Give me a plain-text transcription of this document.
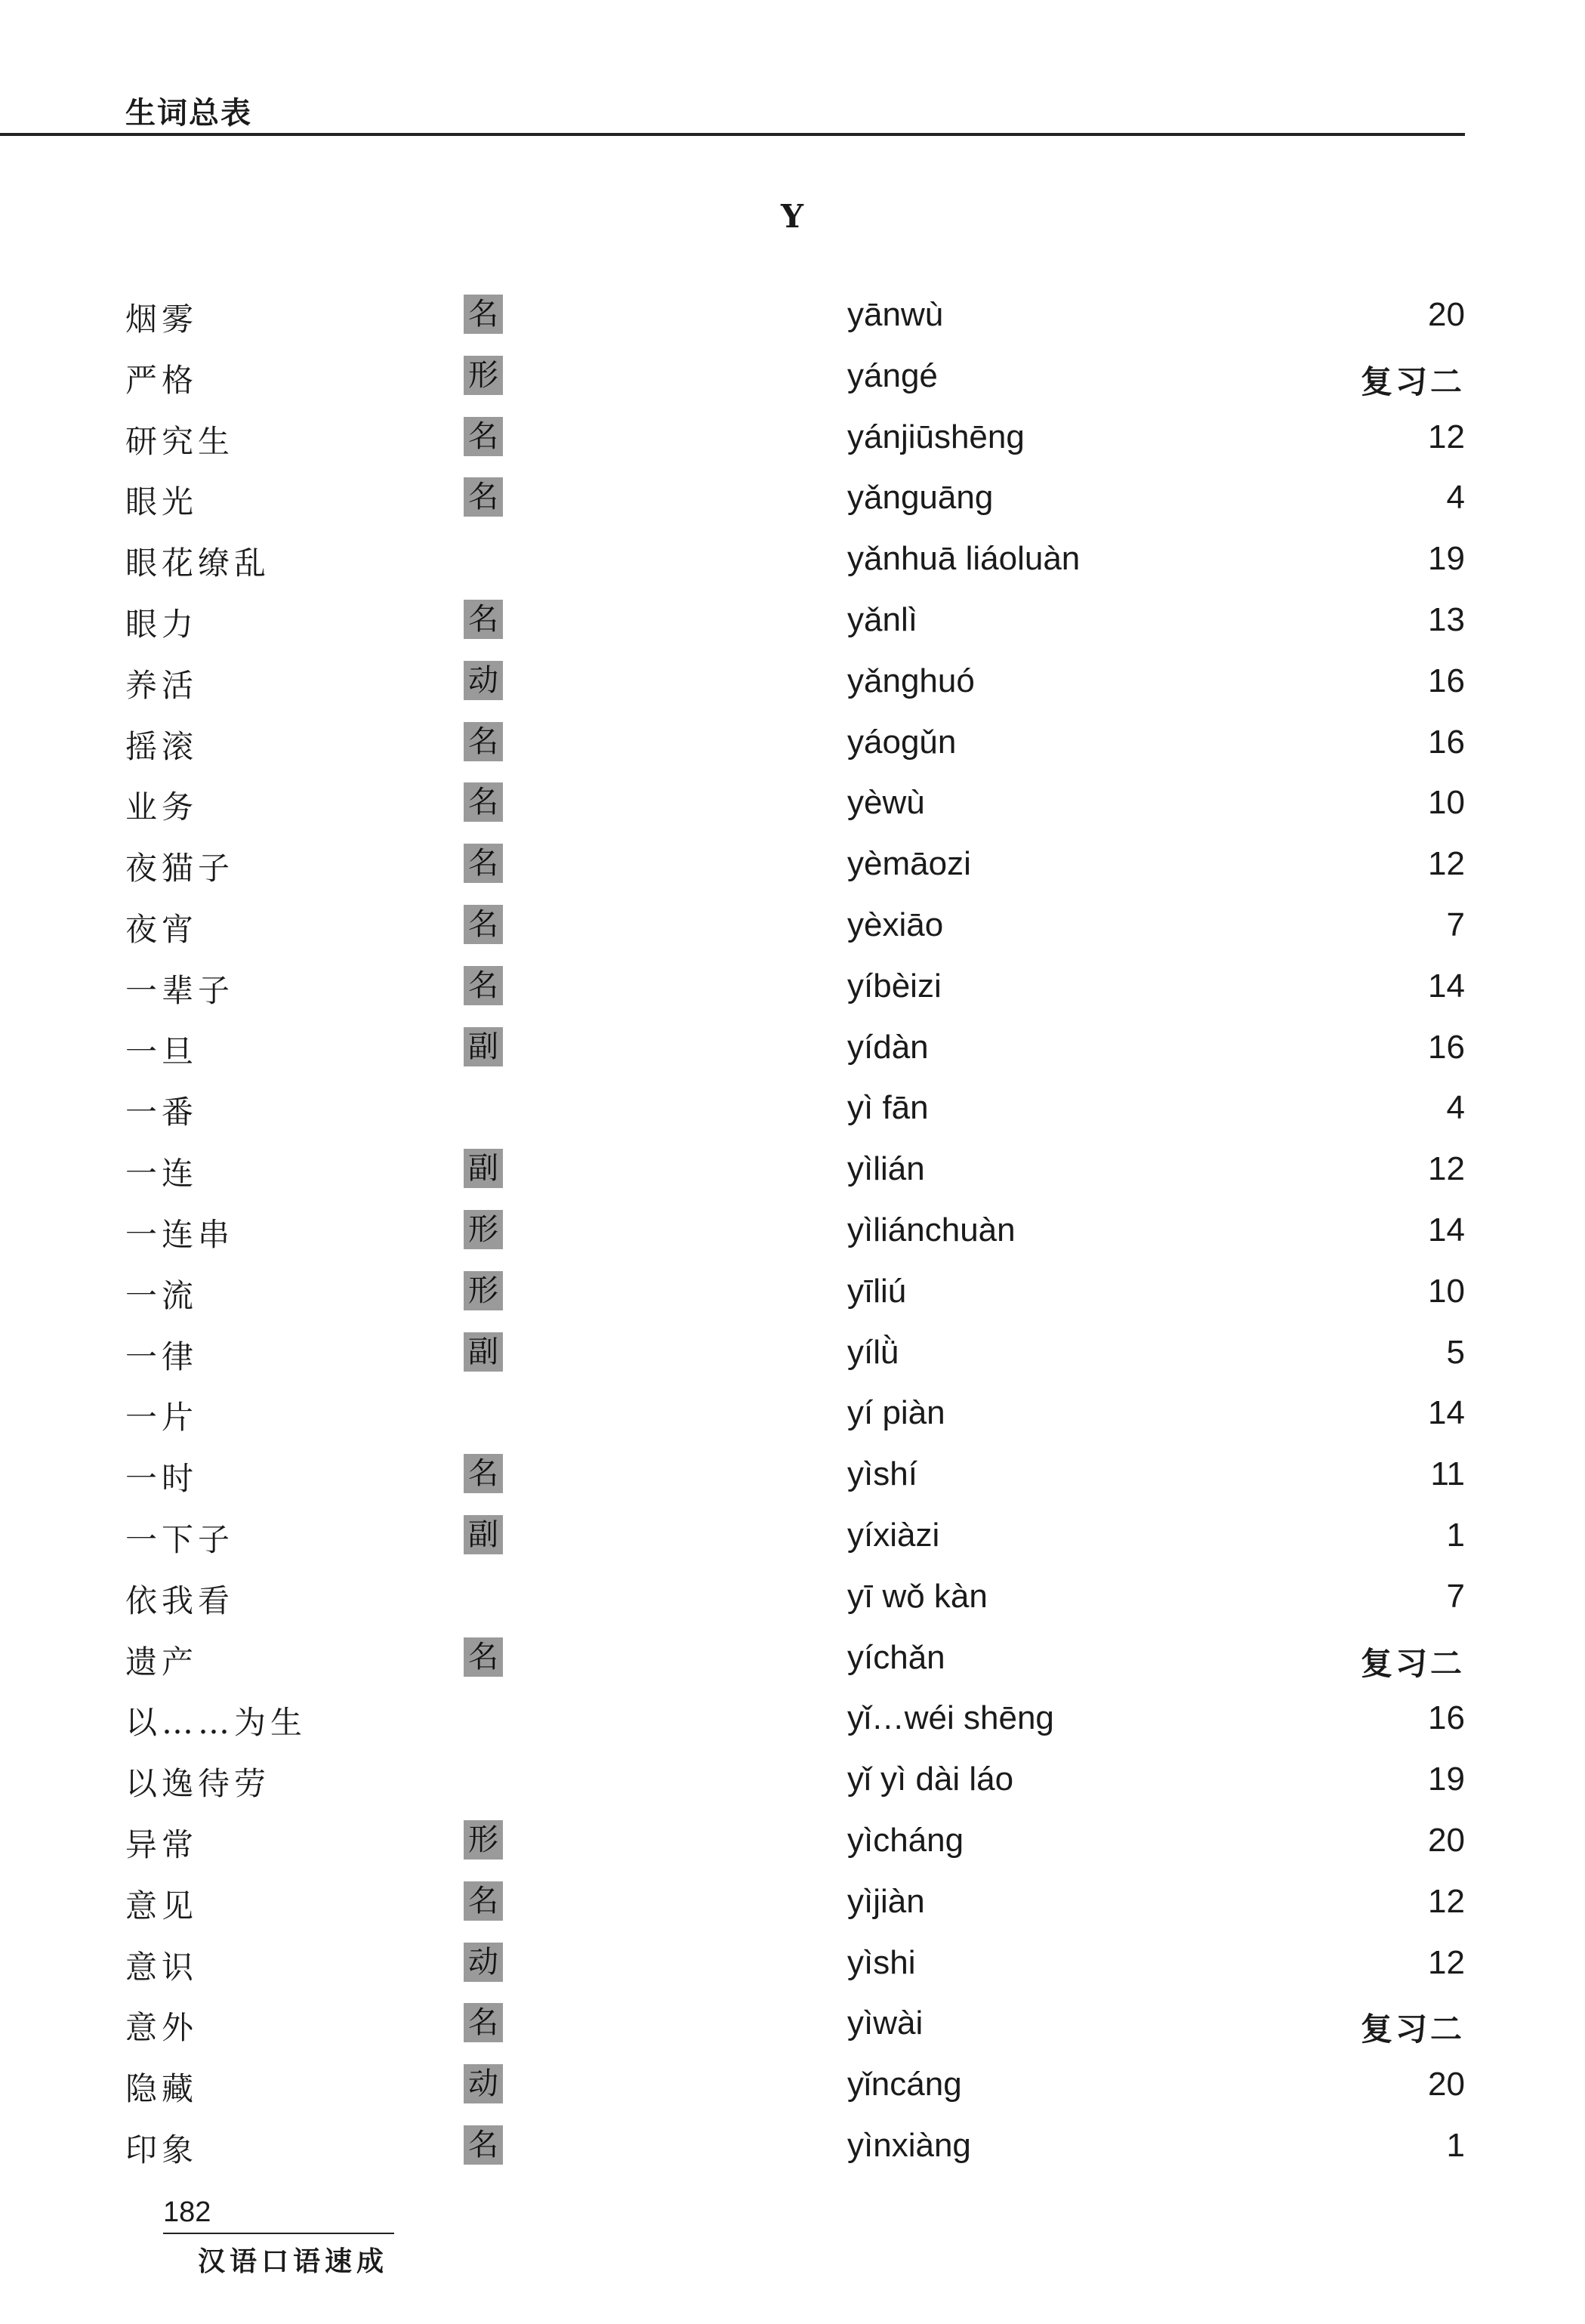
生词总表
Y
烟雾	名	yānwù	20
严格	形	yángé	复习二
研究生	名	yánjiūshēng	12
眼光	名	yǎnguāng	4
眼花缭乱	yǎnhuā liáoluàn	19
眼力	名	yǎnlì	13
养活	动	yǎnghuó	16
摇滚	名	yáogǔn	16
业务	名	yèwù	10
夜猫子	名	yèmāozi	12
夜宵	名	yèxiāo	7
一辈子	名	yíbèizi	14
一旦	副	yídàn	16
一番	yì fān	4
一连	副	yìlián	12
一连串	形	yìliánchuàn	14
一流	形	yīliú	10
一律	副	yílǜ	5
一片	yí piàn	14
一时	名	yìshí	11
一下子	副	yíxiàzi	1
依我看	yī wǒ kàn	7
遗产	名	yíchǎn	复习二
以……为生	yǐ…wéi shēng	16
以逸待劳	yǐ yì dài láo	19
异常	形	yìcháng	20
意见	名	yìjiàn	12
意识	动	yìshi	12
意外	名	yìwài	复习二
隐藏	动	yǐncáng	20
印象	名	yìnxiàng	1
182
汉语口语速成
